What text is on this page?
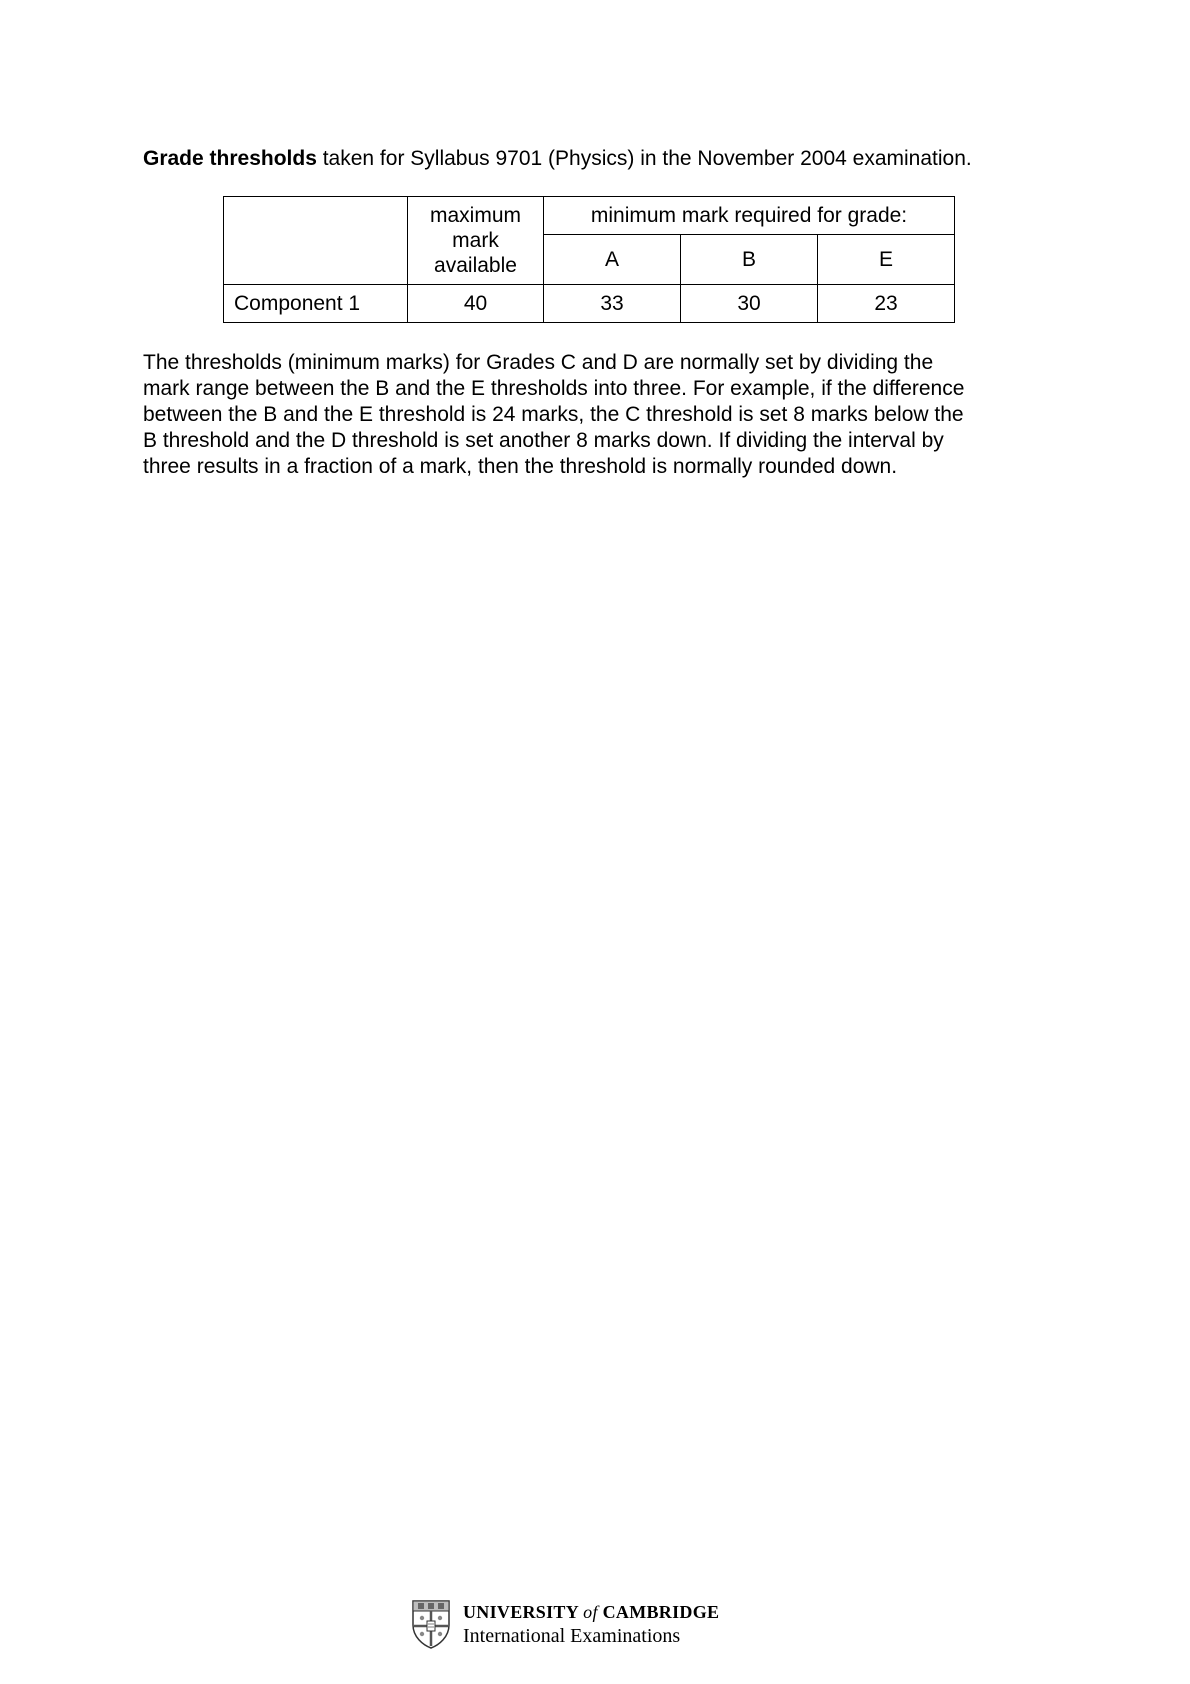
Grade thresholds taken for Syllabus 9701 (Physics) in the November 2004 examination.

	maximum
mark
available	minimum mark required for grade:		
		A	B	E
Component 1	40	33	30	23
The thresholds (minimum marks) for Grades C and D are normally set by dividing the
mark range between the B and the E thresholds into three. For example, if the difference
between the B and the E threshold is 24 marks, the C threshold is set 8 marks below the
B threshold and the D threshold is set another 8 marks down. If dividing the interval by
three results in a fraction of a mark, then the threshold is normally rounded down.
UNIVERSITY of CAMBRIDGE
International Examinations
